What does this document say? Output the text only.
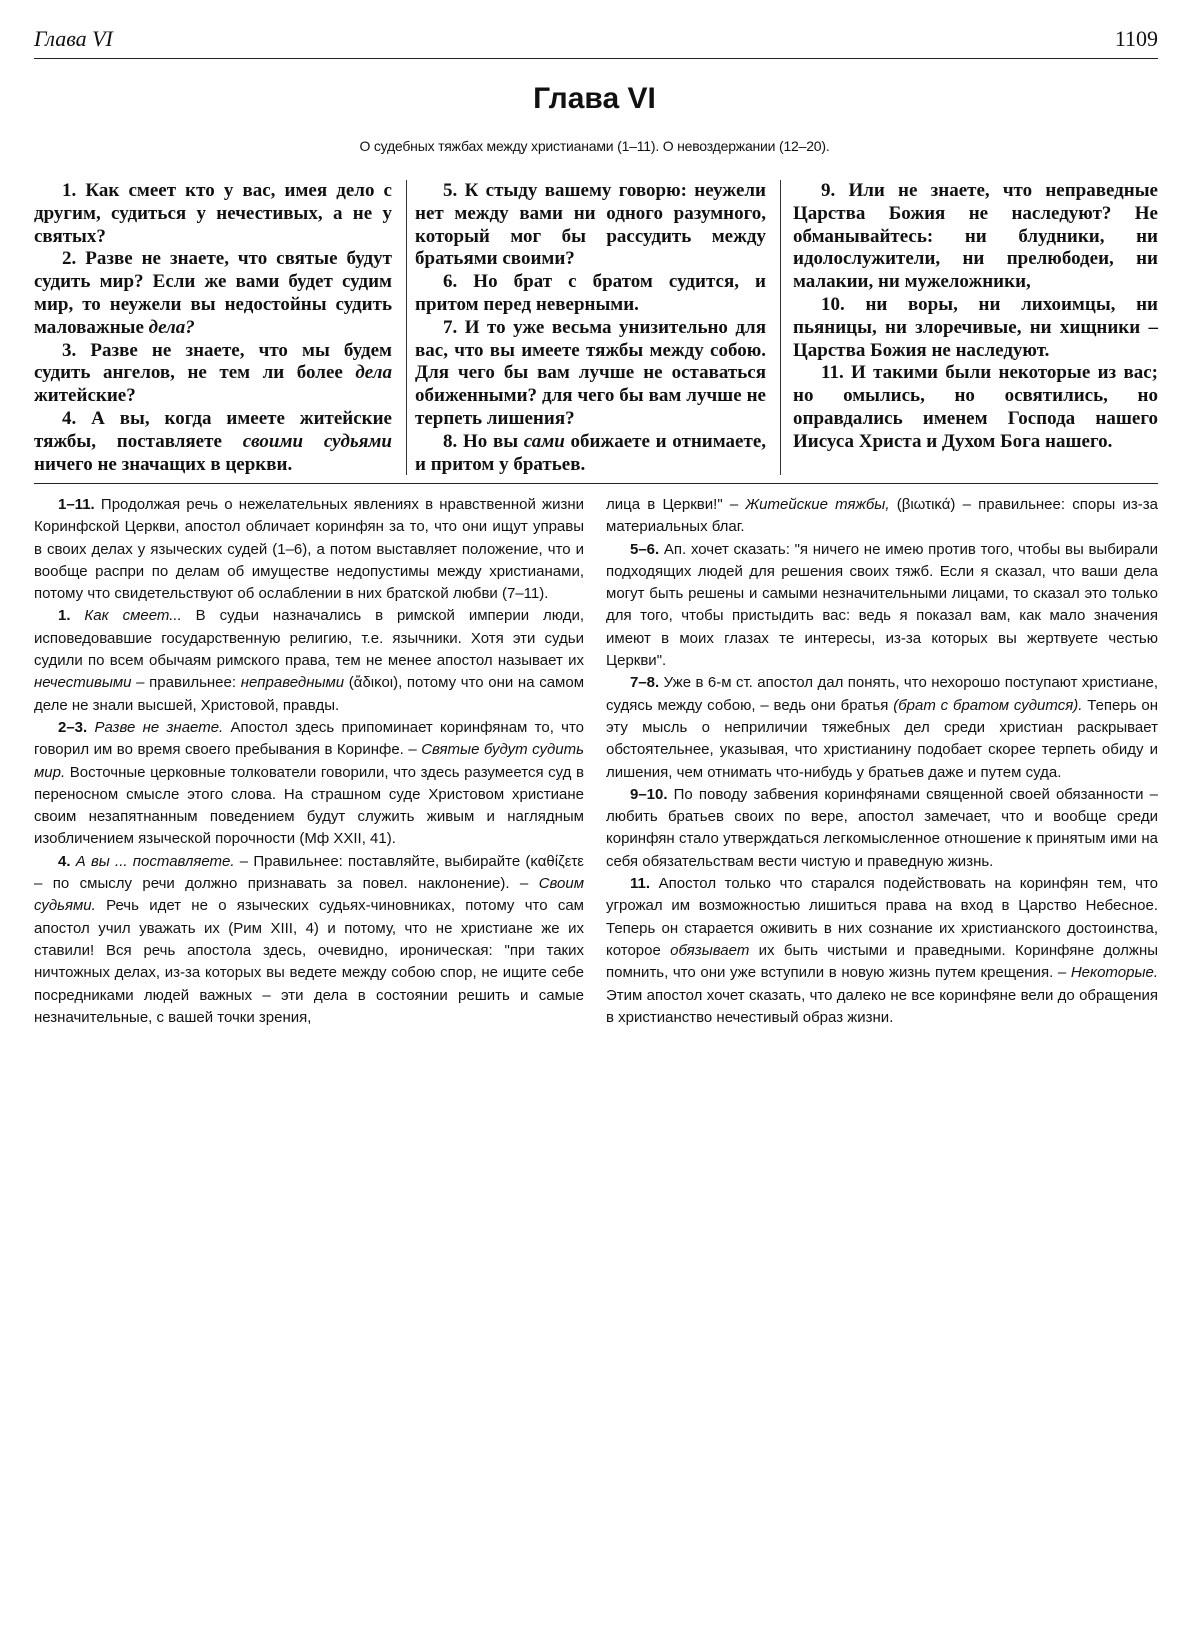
Глава VI	1109
Глава VI
О судебных тяжбах между христианами (1–11). О невоздержании (12–20).

1. Как смеет кто у вас, имея дело с другим, судиться у нечестивых, а не у святых?

2. Разве не знаете, что святые будут судить мир? Если же вами будет судим мир, то неужели вы недостойны судить маловажные дела?

3. Разве не знаете, что мы будем судить ангелов, не тем ли более дела житейские?

4. А вы, когда имеете житейские тяжбы, поставляете своими судьями ничего не значащих в церкви.

5. К стыду вашему говорю: неужели нет между вами ни одного разумного, который мог бы рассудить между братьями своими?

6. Но брат с братом судится, и притом перед неверными.

7. И то уже весьма унизительно для вас, что вы имеете тяжбы между собою. Для чего бы вам лучше не оставаться обиженными? для чего бы вам лучше не терпеть лишения?

8. Но вы сами обижаете и отнимаете, и притом у братьев.

9. Или не знаете, что неправедные Царства Божия не наследуют? Не обманывайтесь: ни блудники, ни идолослужители, ни прелюбодеи, ни малакии, ни мужеложники,

10. ни воры, ни лихоимцы, ни пьяницы, ни злоречивые, ни хищники – Царства Божия не наследуют.

11. И такими были некоторые из вас; но омылись, но освятились, но оправдались именем Господа нашего Иисуса Христа и Духом Бога нашего.

1–11. Продолжая речь о нежелательных явлениях в нравственной жизни Коринфской Церкви, апостол обличает коринфян за то, что они ищут управы в своих делах у языческих судей (1–6), а потом выставляет положение, что и вообще распри по делам об имуществе недопустимы между христианами, потому что свидетельствуют об ослаблении в них братской любви (7–11).

1. Как смеет... В судьи назначались в римской империи люди, исповедовавшие государственную религию, т.е. язычники. Хотя эти судьи судили по всем обычаям римского права, тем не менее апостол называет их нечестивыми – правильнее: неправедными (ἄδικοι), потому что они на самом деле не знали высшей, Христовой, правды.

2–3. Разве не знаете. Апостол здесь припоминает коринфянам то, что говорил им во время своего пребывания в Коринфе. – Святые будут судить мир. Восточные церковные толкователи говорили, что здесь разумеется суд в переносном смысле этого слова. На страшном суде Христовом христиане своим незапятнанным поведением будут служить живым и наглядным изобличением языческой порочности (Мф XXII, 41).

4. А вы ... поставляете. – Правильнее: поставляйте, выбирайте (καθίζετε – по смыслу речи должно признавать за повел. наклонение). – Своим судьями. Речь идет не о языческих судьях-чиновниках, потому что сам апостол учил уважать их (Рим XIII, 4) и потому, что не христиане же их ставили! Вся речь апостола здесь, очевидно, ироническая: "при таких ничтожных делах, из-за которых вы ведете между собою спор, не ищите себе посредниками людей важных – эти дела в состоянии решить и самые незначительные, с вашей точки зрения,

лица в Церкви!" – Житейские тяжбы, (βιωτικά) – правильнее: споры из-за материальных благ.

5–6. Ап. хочет сказать: "я ничего не имею против того, чтобы вы выбирали подходящих людей для решения своих тяжб. Если я сказал, что ваши дела могут быть решены и самыми незначительными лицами, то сказал это только для того, чтобы пристыдить вас: ведь я показал вам, как мало значения имеют в моих глазах те интересы, из-за которых вы жертвуете честью Церкви".

7–8. Уже в 6-м ст. апостол дал понять, что нехорошо поступают христиане, судясь между собою, – ведь они братья (брат с братом судится). Теперь он эту мысль о неприличии тяжебных дел среди христиан раскрывает обстоятельнее, указывая, что христианину подобает скорее терпеть обиду и лишения, чем отнимать что-нибудь у братьев даже и путем суда.

9–10. По поводу забвения коринфянами священной своей обязанности – любить братьев своих по вере, апостол замечает, что и вообще среди коринфян стало утверждаться легкомысленное отношение к принятым ими на себя обязательствам вести чистую и праведную жизнь.

11. Апостол только что старался подействовать на коринфян тем, что угрожал им возможностью лишиться права на вход в Царство Небесное. Теперь он старается оживить в них сознание их христианского достоинства, которое обязывает их быть чистыми и праведными. Коринфяне должны помнить, что они уже вступили в новую жизнь путем крещения. – Некоторые. Этим апостол хочет сказать, что далеко не все коринфяне вели до обращения в христианство нечестивый образ жизни.
